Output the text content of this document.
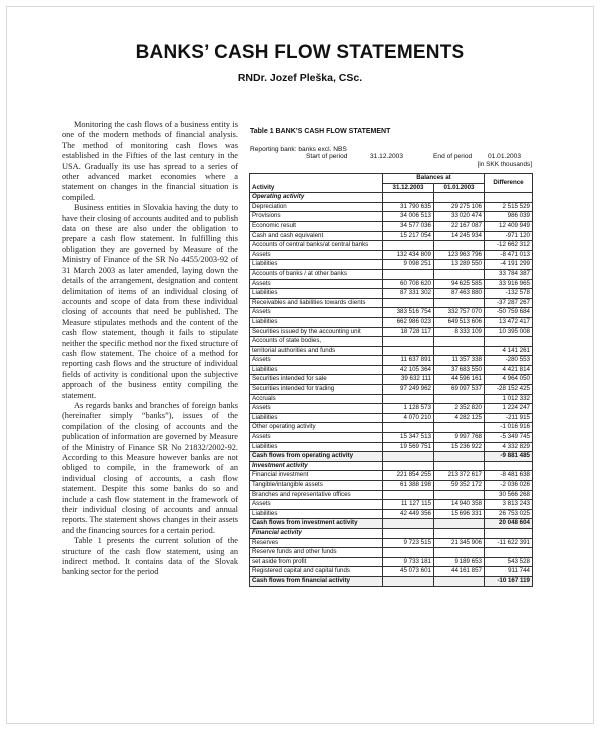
BANKS’ CASH FLOW STATEMENTS
RNDr. Jozef Pleška, CSc.

Monitoring the cash flows of a business entity is one of the modern methods of financial analysis. The method of monitoring cash flows was established in the Fifties of the last century in the USA. Gradually its use has spread to a series of other advanced market economies where a statement on changes in the financial situation is compiled.

Business entities in Slovakia having the duty to have their closing of accounts audited and to publish data on these are also under the obligation to prepare a cash flow statement. In fulfilling this obligation they are governed by Measure of the Ministry of Finance of the SR No 4455/2003-92 of 31 March 2003 as later amended, laying down the details of the arrangement, designation and content delimitation of items of an individual closing of accounts and scope of data from these individual closing of accounts that need be published. The Measure stipulates methods and the content of the cash flow statement, though it fails to stipulate neither the specific method nor the fixed structure of cash flow statement. The choice of a method for reporting cash flows and the structure of individual fields of activity is conditional upon the subjective approach of the business entity compiling the statement.

As regards banks and branches of foreign banks (hereinafter simply “banks”), issues of the compilation of the closing of accounts and the publication of information are governed by Measure of the Ministry of Finance SR No 21832/2002-92. According to this Measure however banks are not obliged to compile, in the framework of an individual closing of accounts, a cash flow statement. Despite this some banks do so and include a cash flow statement in the framework of their individual closing of accounts and annual reports. The statement shows changes in their assets and the financing sources for a certain period.

Table 1 presents the current solution of the structure of the cash flow statement, using an indirect method. It contains data of the Slovak banking sector for the period

Table 1 BANK’S CASH FLOW STATEMENT
Reporting bank: banks excl. NBS
Start of period	31.12.2003	End of period 01.01.2003
[in SKK thousands]
Activity	Balances at		Difference
	31.12.2003	01.01.2003	
Operating activity			
Depreciation	31 790 635	29 275 106	2 515 529
Provisions	34 006 513	33 020 474	986 039
Economic result	34 577 036	22 167 087	12 409 949
Cash and cash equivalent	15 217 054	14 245 934	-971 120
Accounts of central banks/at central banks			-12 662 312
Assets	132 434 809	123 963 796	-8 471 013
Liabilities	9 098 251	13 289 550	-4 191 299
Accounts of banks / at other banks			33 784 387
Assets	60 708 620	94 625 585	33 916 965
Liabilities	87 331 302	87 463 880	-132 578
Receivables and liabilities towards clients			-37 287 267
Assets	383 516 754	332 757 070	-50 759 684
Liabilities	662 986 023	649 513 606	13 472 417
Securities issued by the accounting unit	18 728 117	8 333 109	10 395 008
Accounts of state bodies,			
territorial authorities and funds			4 141 261
Assets	11 637 891	11 357 338	-280 553
Liabilities	42 105 364	37 683 550	4 421 814
Securities intended for sale	39 632 111	44 596 161	4 964 050
Securities intended for trading	97 249 962	69 097 537	-28 152 425
Accruals			1 012 332
Assets	1 128 573	2 352 820	1 224 247
Liabilities	4 070 210	4 282 125	-211 915
Other operating activity			-1 016 916
Assets	15 347 513	9 997 768	-5 349 745
Liabilities	19 569 751	15 236 922	4 332 829
Cash flows from operating activity			-9 881 485
Investment activity			
Financial investment	221 854 255	213 372 617	-8 481 638
Tangible/intangible assets	61 388 198	59 352 172	-2 036 026
Branches and representative offices			30 566 268
Assets	11 127 115	14 940 358	3 813 243
Liabilities	42 449 356	15 696 331	26 753 025
Cash flows from investment activity			20 048 604
Financial activity			
Reserves	9 723 515	21 345 906	-11 622 391
Reserve funds and other funds			
set aside from profit	9 733 181	9 189 653	543 528
Registered capital and capital funds	45 073 601	44 161 857	911 744
Cash flows from financial activity			-10 167 119
